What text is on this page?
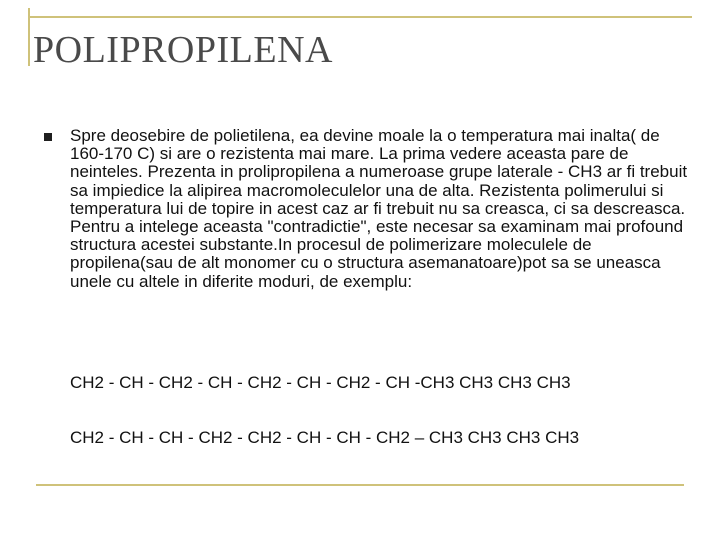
POLIPROPILENA

Spre deosebire de polietilena, ea devine moale la o temperatura mai inalta( de 160-170 C) si are o rezistenta mai mare. La prima vedere aceasta pare de neinteles. Prezenta in prolipropilena a numeroase grupe laterale - CH3 ar fi trebuit sa impiedice la alipirea macromoleculelor una de alta. Rezistenta polimerului si temperatura lui de topire in acest caz ar fi trebuit nu sa creasca, ci sa descreasca. Pentru a intelege aceasta "contradictie", este necesar sa examinam mai profound structura acestei substante.In procesul de polimerizare moleculele de propilena(sau de alt monomer cu o structura asemanatoare)pot sa se uneasca unele cu altele in diferite moduri, de exemplu:

CH2 - CH - CH2 - CH - CH2 - CH - CH2 - CH -CH3 CH3 CH3 CH3

CH2 - CH - CH - CH2 - CH2 - CH - CH - CH2 – CH3 CH3 CH3 CH3
